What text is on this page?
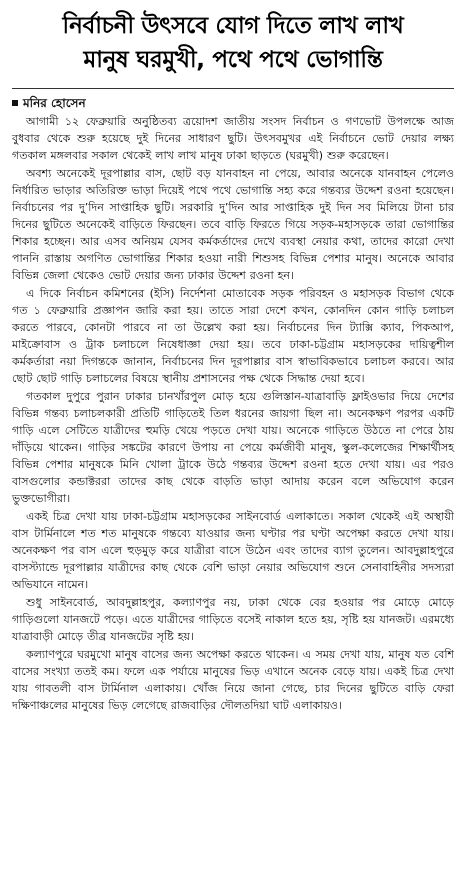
নির্বাচনী উৎসবে যোগ দিতে লাখ লাখ
মানুষ ঘরমুখী, পথে পথে ভোগান্তি
মনির হোসেন

আগামী ১২ ফেব্রুয়ারি অনুষ্ঠিতব্য ত্রয়োদশ জাতীয় সংসদ নির্বাচন ও গণভোট উপলক্ষে আজ বুধবার থেকে শুরু হয়েছে দুই দিনের সাধারণ ছুটি। উৎসবমুখর এই নির্বাচনে ভোট দেয়ার লক্ষ্য গতকাল মঙ্গলবার সকাল থেকেই লাখ লাখ মানুষ ঢাকা ছাড়তে (ঘরমুখী) শুরু করেছেন।

অবশ্য অনেকেই দূরপাল্লার বাস, ছোট বড় যানবাহন না পেয়ে, আবার অনেকে যানবাহন পেলেও নির্ধারিত ভাড়ার অতিরিক্ত ভাড়া দিয়েই পথে পথে ভোগান্তি সহ্য করে গন্তব্যর উদ্দেশ রওনা হয়েছেন। নির্বাচনের পর দু’দিন সাপ্তাহিক ছুটি। সরকারি দু’দিন আর সাপ্তাহিক দুই দিন সব মিলিয়ে টানা চার দিনের ছুটিতে অনেকেই বাড়িতে ফিরছেন। তবে বাড়ি ফিরতে গিয়ে সড়ক-মহাসড়কে তারা ভোগান্তির শিকার হচ্ছেন। আর এসব অনিয়ম যেসব কর্মকর্তাদের দেখে ব্যবস্থা নেয়ার কথা, তাদের কারো দেখা পাননি রাস্তায় অগণিত ভোগান্তির শিকার হওয়া নারী শিশুসহ বিভিন্ন পেশার মানুষ। অনেকে আবার বিভিন্ন জেলা থেকেও ভোট দেয়ার জন্য ঢাকার উদ্দেশ রওনা হন।

এ দিকে নির্বাচন কমিশনের (ইসি) নির্দেশনা মোতাবেক সড়ক পরিবহন ও মহাসড়ক বিভাগ থেকে গত ১ ফেব্রুয়ারি প্রজ্ঞাপন জারি করা হয়। তাতে সারা দেশে কখন, কোনদিন কোন গাড়ি চলাচল করতে পারবে, কোনটা পারবে না তা উল্লেখ করা হয়। নির্বাচনের দিন ট্যাক্সি ক্যাব, পিকআপ, মাইক্রোবাস ও ট্রাক চলাচলে নিষেধাজ্ঞা দেয়া হয়। তবে ঢাকা-চট্টগ্রাম মহাসড়কের দায়িত্বশীল কর্মকর্তারা নয়া দিগন্তকে জানান, নির্বাচনের দিন দূরপাল্লার বাস স্বাভাবিকভাবে চলাচল করবে। আর ছোট ছোট গাড়ি চলাচলের বিষয়ে স্থানীয় প্রশাসনের পক্ষ থেকে সিদ্ধান্ত দেয়া হবে।

গতকাল দুপুরে পুরান ঢাকার চানখাঁরপুল মোড় হয়ে গুলিস্তান-যাত্রাবাড়ি ফ্লাইওভার দিয়ে দেশের বিভিন্ন গন্তব্য চলাচলকারী প্রতিটি গাড়িতেই তিল ধরনের জায়গা ছিল না। অনেকক্ষণ পরপর একটি গাড়ি এলে সেটিতে যাত্রীদের হুমড়ি খেয়ে পড়তে দেখা যায়। অনেকে গাড়িতে উঠতে না পেরে ঠায় দাঁড়িয়ে থাকেন। গাড়ির সঙ্কটের কারণে উপায় না পেয়ে কর্মজীবী মানুষ, স্কুল-কলেজের শিক্ষার্থীসহ বিভিন্ন পেশার মানুষকে মিনি খোলা ট্রাকে উঠে গন্তব্যর উদ্দেশ রওনা হতে দেখা যায়। এর পরও বাসগুলোর কন্ডাক্টররা তাদের কাছ থেকে বাড়তি ভাড়া আদায় করেন বলে অভিযোগ করেন ভুক্তভোগীরা।

একই চিত্র দেখা যায় ঢাকা-চট্টগ্রাম মহাসড়কের সাইনবোর্ড এলাকাতে। সকাল থেকেই এই অস্থায়ী বাস টার্মিনালে শত শত মানুষকে গন্তব্যে যাওয়ার জন্য ঘণ্টার পর ঘণ্টা অপেক্ষা করতে দেখা যায়। অনেকক্ষণ পর বাস এলে হুড়মুড় করে যাত্রীরা বাসে উঠেন এবং তাদের ব্যাগ তুলেন। আবদুল্লাহপুরে বাসস্ট্যান্ডে দূরপাল্লার যাত্রীদের কাছ থেকে বেশি ভাড়া নেয়ার অভিযোগ শুনে সেনাবাহিনীর সদস্যরা অভিযানে নামেন।

শুধু সাইনবোর্ড, আবদুল্লাহপুর, কল্যাণপুর নয়, ঢাকা থেকে বের হওয়ার পর মোড়ে মোড়ে গাড়িগুলো যানজটে পড়ে। এতে যাত্রীদের গাড়িতে বসেই নাকাল হতে হয়, সৃষ্টি হয় যানজট। এরমধ্যে যাত্রাবাড়ী মোড়ে তীব্র যানজটের সৃষ্টি হয়।

কল্যাণপুরে ঘরমুখো মানুষ বাসের জন্য অপেক্ষা করতে থাকেন। এ সময় দেখা যায়, মানুষ যত বেশি বাসের সংখ্যা ততই কম। ফলে এক পর্যায়ে মানুষের ভিড় এখানে অনেক বেড়ে যায়। একই চিত্র দেখা যায় গাবতলী বাস টার্মিনাল এলাকায়। খোঁজ নিয়ে জানা গেছে, চার দিনের ছুটিতে বাড়ি ফেরা দক্ষিণাঞ্চলের মানুষের ভিড় লেগেছে রাজবাড়ির দৌলতদিয়া ঘাট এলাকায়ও।
